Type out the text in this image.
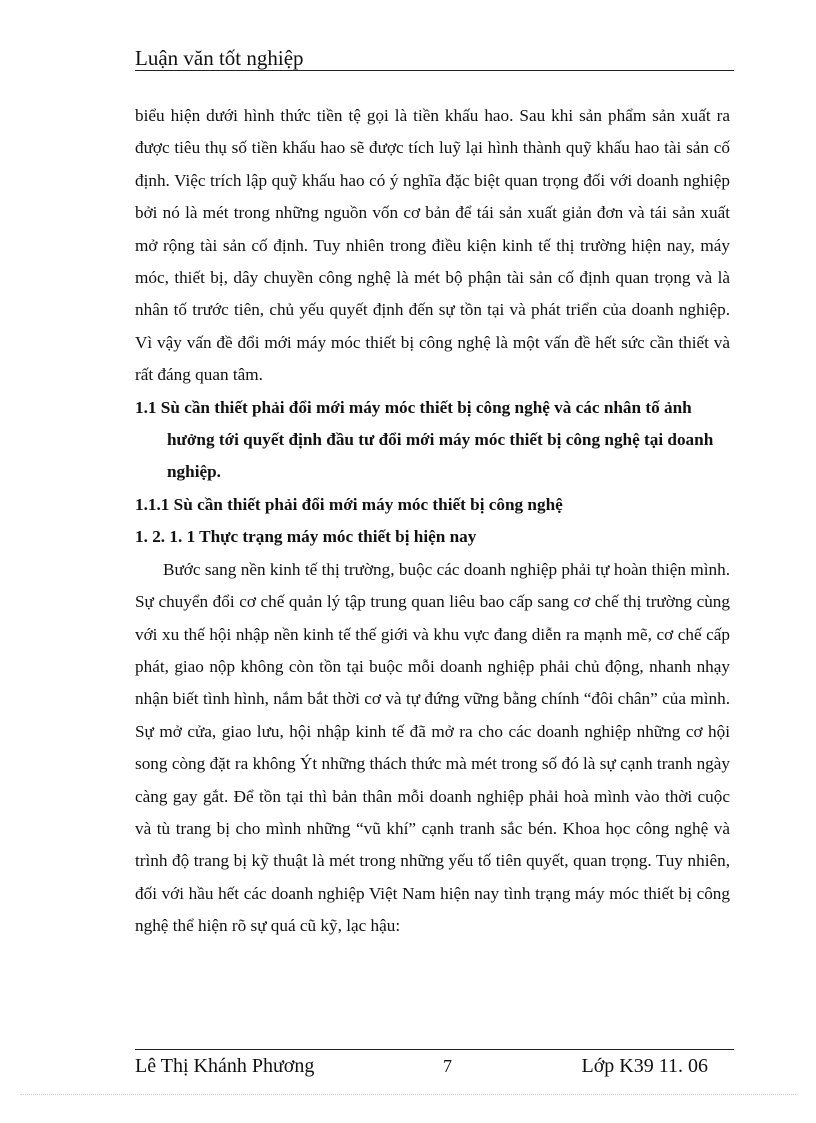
Luận văn tốt nghiệp

biểu hiện dưới hình thức tiền tệ gọi là tiền khấu hao. Sau khi sản phẩm sản xuất ra được tiêu thụ số tiền khấu hao sẽ được tích luỹ lại hình thành quỹ khấu hao tài sản cố định. Việc trích lập quỹ khấu hao có ý nghĩa đặc biệt quan trọng đối với doanh nghiệp bởi nó là mét trong những nguồn vốn cơ bản để tái sản xuất giản đơn và tái sản xuất mở rộng tài sản cố định. Tuy nhiên trong điều kiện kinh tế thị trường hiện nay, máy móc, thiết bị, dây chuyền công nghệ là mét bộ phận tài sản cố định quan trọng và là nhân tố trước tiên, chủ yếu quyết định đến sự tồn tại và phát triển của doanh nghiệp. Vì vậy vấn đề đổi mới máy móc thiết bị công nghệ là một vấn đề hết sức cần thiết và rất đáng quan tâm.

1.1 Sù cần thiết phải đổi mới máy móc thiết bị công nghệ và các nhân tố ảnh hưởng tới quyết định đầu tư đổi mới máy móc thiết bị công nghệ tại doanh nghiệp.

1.1.1 Sù cần thiết phải đổi mới máy móc thiết bị công nghệ

1. 2. 1. 1 Thực trạng máy móc thiết bị hiện nay

Bước sang nền kinh tế thị trường, buộc các doanh nghiệp phải tự hoàn thiện mình. Sự chuyển đổi cơ chế quản lý tập trung quan liêu bao cấp sang cơ chế thị trường cùng với xu thế hội nhập nền kinh tế thế giới và khu vực đang diễn ra mạnh mẽ, cơ chế cấp phát, giao nộp không còn tồn tại buộc mỗi doanh nghiệp phải chủ động, nhanh nhạy nhận biết tình hình, nắm bắt thời cơ và tự đứng vững bằng chính “đôi chân” của mình. Sự mở cửa, giao lưu, hội nhập kinh tế đã mở ra cho các doanh nghiệp những cơ hội song còng đặt ra không Ýt những thách thức mà mét trong số đó là sự cạnh tranh ngày càng gay gắt. Để tồn tại thì bản thân mỗi doanh nghiệp phải hoà mình vào thời cuộc và tù trang bị cho mình những “vũ khí” cạnh tranh sắc bén. Khoa học công nghệ và trình độ trang bị kỹ thuật là mét trong những yếu tố tiên quyết, quan trọng. Tuy nhiên, đối với hầu hết các doanh nghiệp Việt Nam hiện nay tình trạng máy móc thiết bị công nghệ thể hiện rõ sự quá cũ kỹ, lạc hậu:

Lê Thị Khánh Phương	7	Lớp K39 11. 06
